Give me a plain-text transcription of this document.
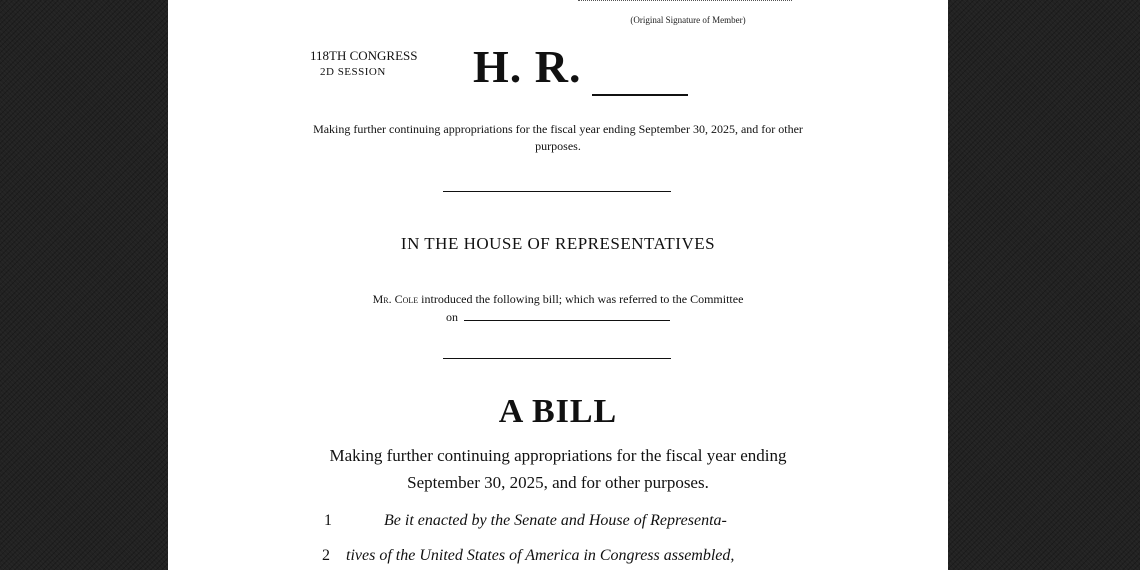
(Original Signature of Member)
118TH CONGRESS
2D SESSION	H. R.
Making further continuing appropriations for the fiscal year ending September 30, 2025, and for other purposes.
IN THE HOUSE OF REPRESENTATIVES
Mr. Cole introduced the following bill; which was referred to the Committee
on
A BILL
Making further continuing appropriations for the fiscal year ending September 30, 2025, and for other purposes.
1	Be it enacted by the Senate and House of Representa-
2 tives of the United States of America in Congress assembled,
